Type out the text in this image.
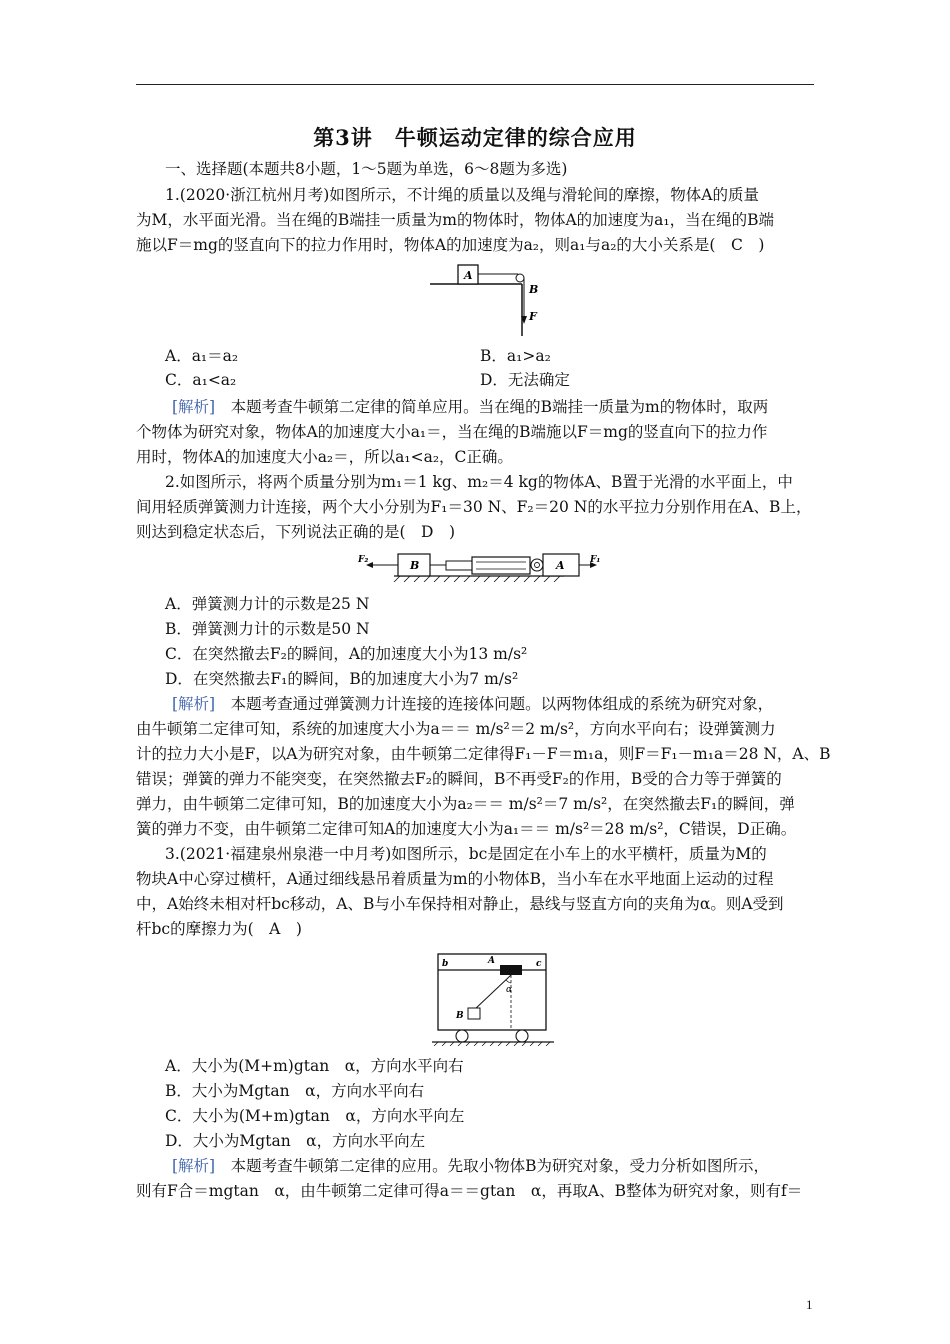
第3讲　牛顿运动定律的综合应用
一、选择题(本题共8小题，1～5题为单选，6～8题为多选)
1.(2020·浙江杭州月考)如图所示，不计绳的质量以及绳与滑轮间的摩擦，物体A的质量
为M，水平面光滑。当在绳的B端挂一质量为m的物体时，物体A的加速度为a₁，当在绳的B端
施以F＝mg的竖直向下的拉力作用时，物体A的加速度为a₂，则a₁与a₂的大小关系是(　C　)
A
B
F
A．a₁＝a₂	B．a₁>a₂
C．a₁<a₂	D．无法确定
[解析]　本题考查牛顿第二定律的简单应用。当在绳的B端挂一质量为m的物体时，取两
个物体为研究对象，物体A的加速度大小a₁＝，当在绳的B端施以F＝mg的竖直向下的拉力作
用时，物体A的加速度大小a₂＝，所以a₁<a₂，C正确。
2.如图所示，将两个质量分别为m₁＝1 kg、m₂＝4 kg的物体A、B置于光滑的水平面上，中
间用轻质弹簧测力计连接，两个大小分别为F₁＝30 N、F₂＝20 N的水平拉力分别作用在A、B上，
则达到稳定状态后，下列说法正确的是(　D　)
F₂	B	A	F₁
A．弹簧测力计的示数是25 N
B．弹簧测力计的示数是50 N
C．在突然撤去F₂的瞬间，A的加速度大小为13 m/s²
D．在突然撤去F₁的瞬间，B的加速度大小为7 m/s²
[解析]　本题考查通过弹簧测力计连接的连接体问题。以两物体组成的系统为研究对象，
由牛顿第二定律可知，系统的加速度大小为a＝＝ m/s²＝2 m/s²，方向水平向右；设弹簧测力
计的拉力大小是F，以A为研究对象，由牛顿第二定律得F₁－F＝m₁a，则F＝F₁－m₁a＝28 N，A、B
错误；弹簧的弹力不能突变，在突然撤去F₂的瞬间，B不再受F₂的作用，B受的合力等于弹簧的
弹力，由牛顿第二定律可知，B的加速度大小为a₂＝＝ m/s²＝7 m/s²，在突然撤去F₁的瞬间，弹
簧的弹力不变，由牛顿第二定律可知A的加速度大小为a₁＝＝ m/s²＝28 m/s²，C错误，D正确。
3.(2021·福建泉州泉港一中月考)如图所示，bc是固定在小车上的水平横杆，质量为M的
物块A中心穿过横杆，A通过细线悬吊着质量为m的小物体B，当小车在水平地面上运动的过程
中，A始终未相对杆bc移动，A、B与小车保持相对静止，悬线与竖直方向的夹角为α。则A受到
杆bc的摩擦力为(　A　)
b	c
A
α
B
A．大小为(M+m)gtan　α，方向水平向右
B．大小为Mgtan　α，方向水平向右
C．大小为(M+m)gtan　α，方向水平向左
D．大小为Mgtan　α，方向水平向左
[解析]　本题考查牛顿第二定律的应用。先取小物体B为研究对象，受力分析如图所示，
则有F合＝mgtan　α，由牛顿第二定律可得a＝＝gtan　α，再取A、B整体为研究对象，则有f＝
1
